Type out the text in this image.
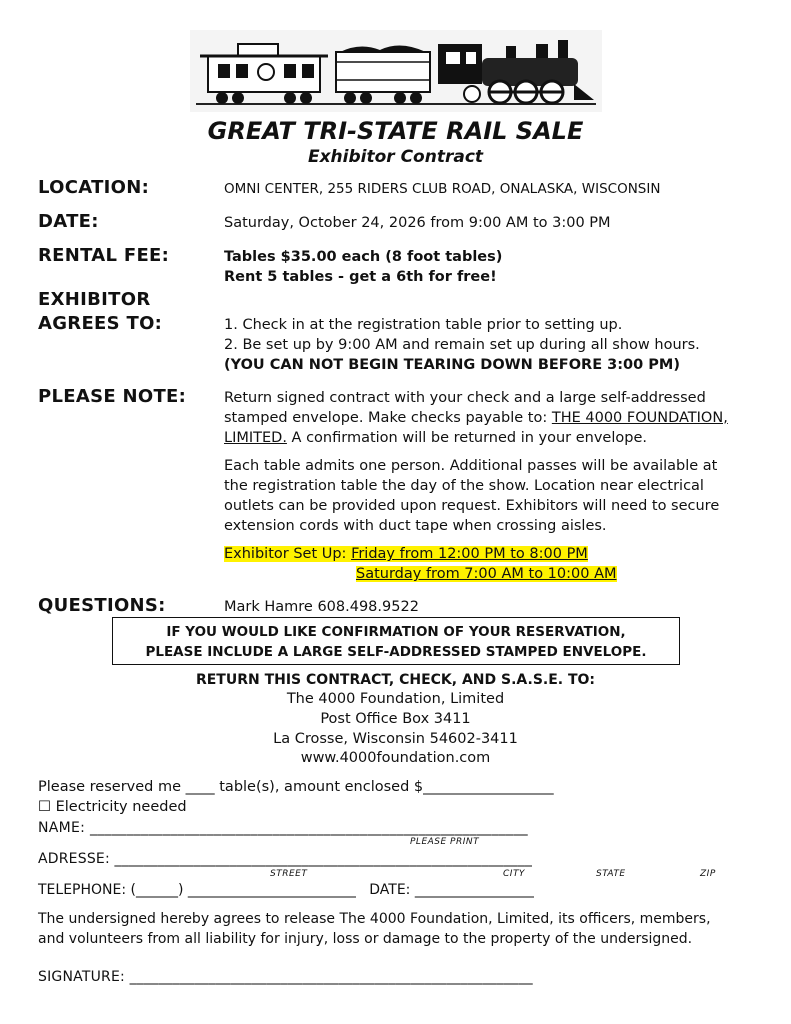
GREAT TRI-STATE RAIL SALE
Exhibitor Contract
LOCATION:	OMNI CENTER, 255 RIDERS CLUB ROAD, ONALASKA, WISCONSIN
DATE:	Saturday, October 24, 2026 from 9:00 AM to 3:00 PM
RENTAL FEE:	Tables $35.00 each (8 foot tables)
Rent 5 tables - get a 6th for free!
EXHIBITOR
AGREES TO:	1. Check in at the registration table prior to setting up.
2. Be set up by 9:00 AM and remain set up during all show hours.
(YOU CAN NOT BEGIN TEARING DOWN BEFORE 3:00 PM)
PLEASE NOTE:	Return signed contract with your check and a large self-addressed
stamped envelope. Make checks payable to: THE 4000 FOUNDATION,
LIMITED. A confirmation will be returned in your envelope.
Each table admits one person. Additional passes will be available at
the registration table the day of the show. Location near electrical
outlets can be provided upon request. Exhibitors will need to secure
extension cords with duct tape when crossing aisles.
Exhibitor Set Up: Friday from 12:00 PM to 8:00 PM
Saturday from 7:00 AM to 10:00 AM
QUESTIONS:	Mark Hamre 608.498.9522
IF YOU WOULD LIKE CONFIRMATION OF YOUR RESERVATION,
PLEASE INCLUDE A LARGE SELF-ADDRESSED STAMPED ENVELOPE.
RETURN THIS CONTRACT, CHECK, AND S.A.S.E. TO:
The 4000 Foundation, Limited
Post Office Box 3411
La Crosse, Wisconsin 54602-3411
www.4000foundation.com
Please reserved me ____ table(s), amount enclosed $__________________
☐ Electricity needed
NAME: ____________________________________________________________
PLEASE PRINT
ADRESSE: __________________________________________________________
STREET	CITY	STATE	ZIP
TELEPHONE: (______) ________________________   DATE: _________________
The undersigned hereby agrees to release The 4000 Foundation, Limited, its officers, members,
and volunteers from all liability for injury, loss or damage to the property of the undersigned.
SIGNATURE: ________________________________________________________
